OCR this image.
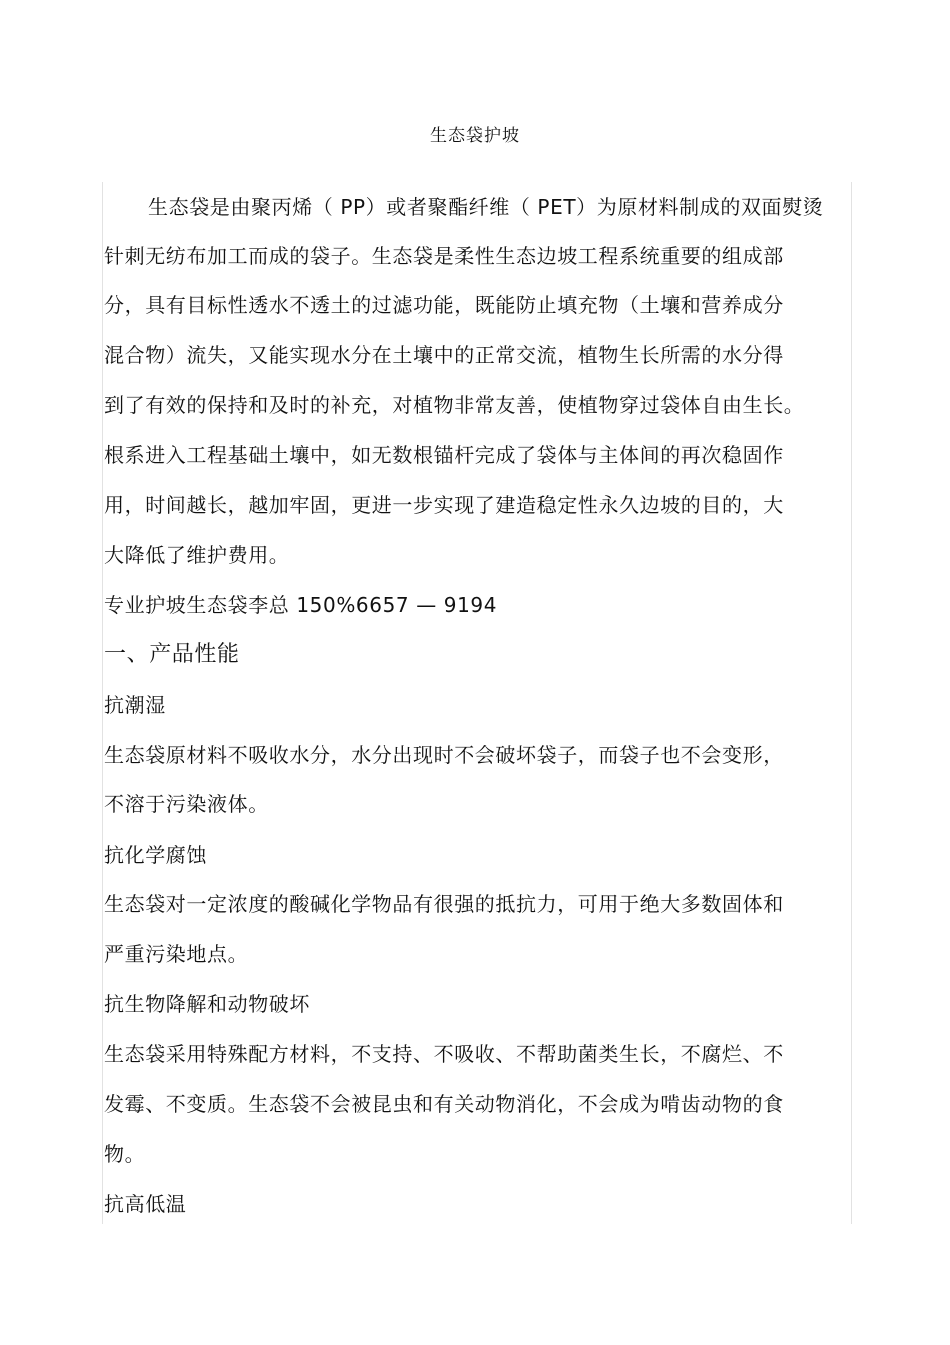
生态袋护坡
生态袋是由聚丙烯（ PP）或者聚酯纤维（ PET）为原材料制成的双面熨烫
针刺无纺布加工而成的袋子。生态袋是柔性生态边坡工程系统重要的组成部
分，具有目标性透水不透土的过滤功能，既能防止填充物（土壤和营养成分
混合物）流失，又能实现水分在土壤中的正常交流，植物生长所需的水分得
到了有效的保持和及时的补充，对植物非常友善，使植物穿过袋体自由生长。
根系进入工程基础土壤中，如无数根锚杆完成了袋体与主体间的再次稳固作
用，时间越长，越加牢固，更进一步实现了建造稳定性永久边坡的目的，大
大降低了维护费用。
专业护坡生态袋李总 150%6657 — 9194
一、产品性能
抗潮湿
生态袋原材料不吸收水分，水分出现时不会破坏袋子，而袋子也不会变形，
不溶于污染液体。
抗化学腐蚀
生态袋对一定浓度的酸碱化学物品有很强的抵抗力，可用于绝大多数固体和
严重污染地点。
抗生物降解和动物破坏
生态袋采用特殊配方材料，不支持、不吸收、不帮助菌类生长，不腐烂、不
发霉、不变质。生态袋不会被昆虫和有关动物消化，不会成为啃齿动物的食
物。
抗高低温
